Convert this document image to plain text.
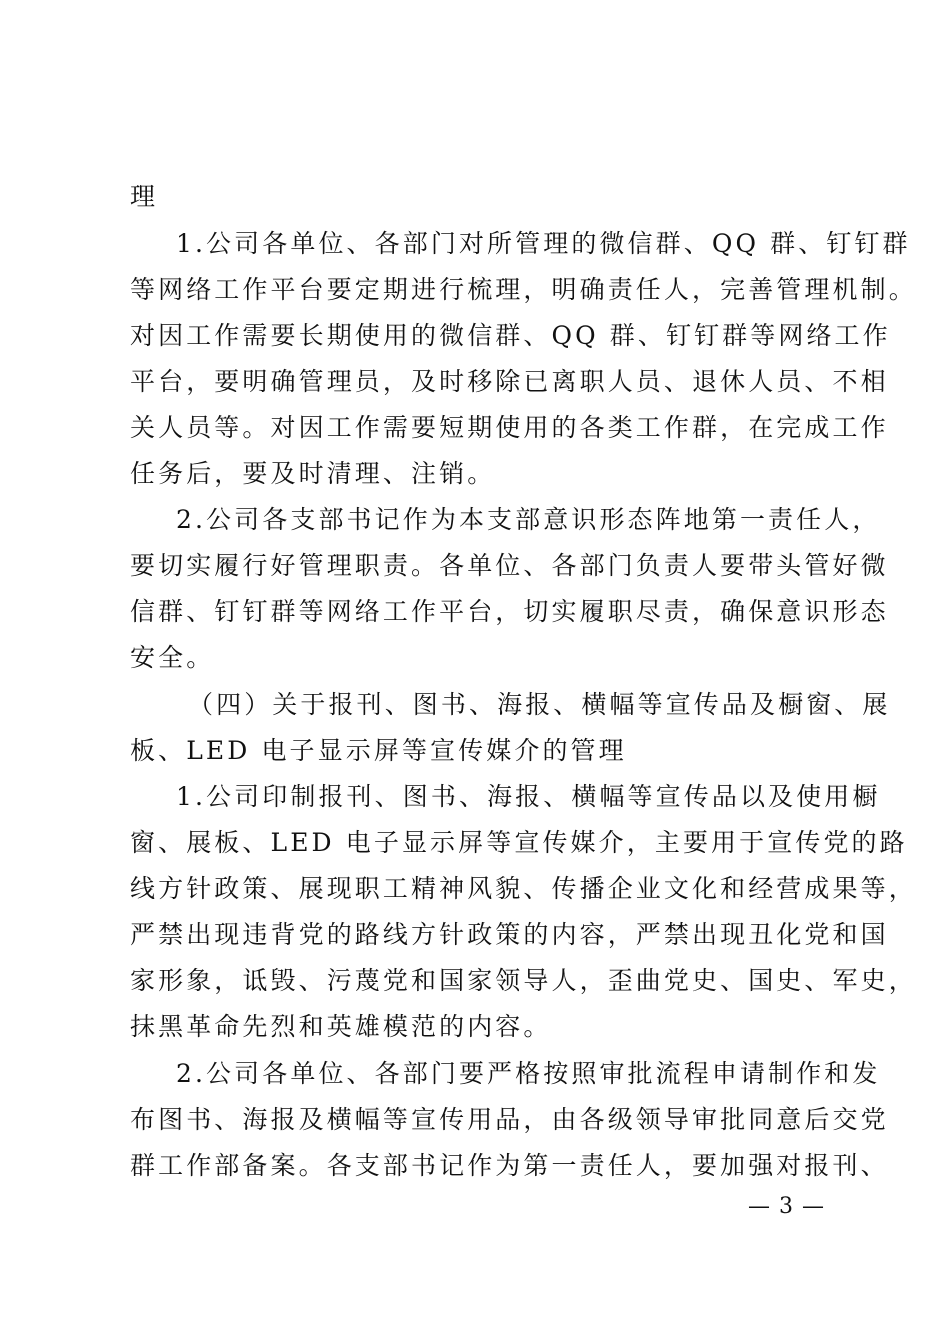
理
1.公司各单位、各部门对所管理的微信群、QQ 群、钉钉群
等网络工作平台要定期进行梳理，明确责任人，完善管理机制。
对因工作需要长期使用的微信群、QQ 群、钉钉群等网络工作
平台，要明确管理员，及时移除已离职人员、退休人员、不相
关人员等。对因工作需要短期使用的各类工作群，在完成工作
任务后，要及时清理、注销。
2.公司各支部书记作为本支部意识形态阵地第一责任人，
要切实履行好管理职责。各单位、各部门负责人要带头管好微
信群、钉钉群等网络工作平台，切实履职尽责，确保意识形态
安全。
（四）关于报刊、图书、海报、横幅等宣传品及橱窗、展
板、LED 电子显示屏等宣传媒介的管理
1.公司印制报刊、图书、海报、横幅等宣传品以及使用橱
窗、展板、LED 电子显示屏等宣传媒介，主要用于宣传党的路
线方针政策、展现职工精神风貌、传播企业文化和经营成果等，
严禁出现违背党的路线方针政策的内容，严禁出现丑化党和国
家形象，诋毁、污蔑党和国家领导人，歪曲党史、国史、军史，
抹黑革命先烈和英雄模范的内容。
2.公司各单位、各部门要严格按照审批流程申请制作和发
布图书、海报及横幅等宣传用品，由各级领导审批同意后交党
群工作部备案。各支部书记作为第一责任人，要加强对报刊、
— 3 —
